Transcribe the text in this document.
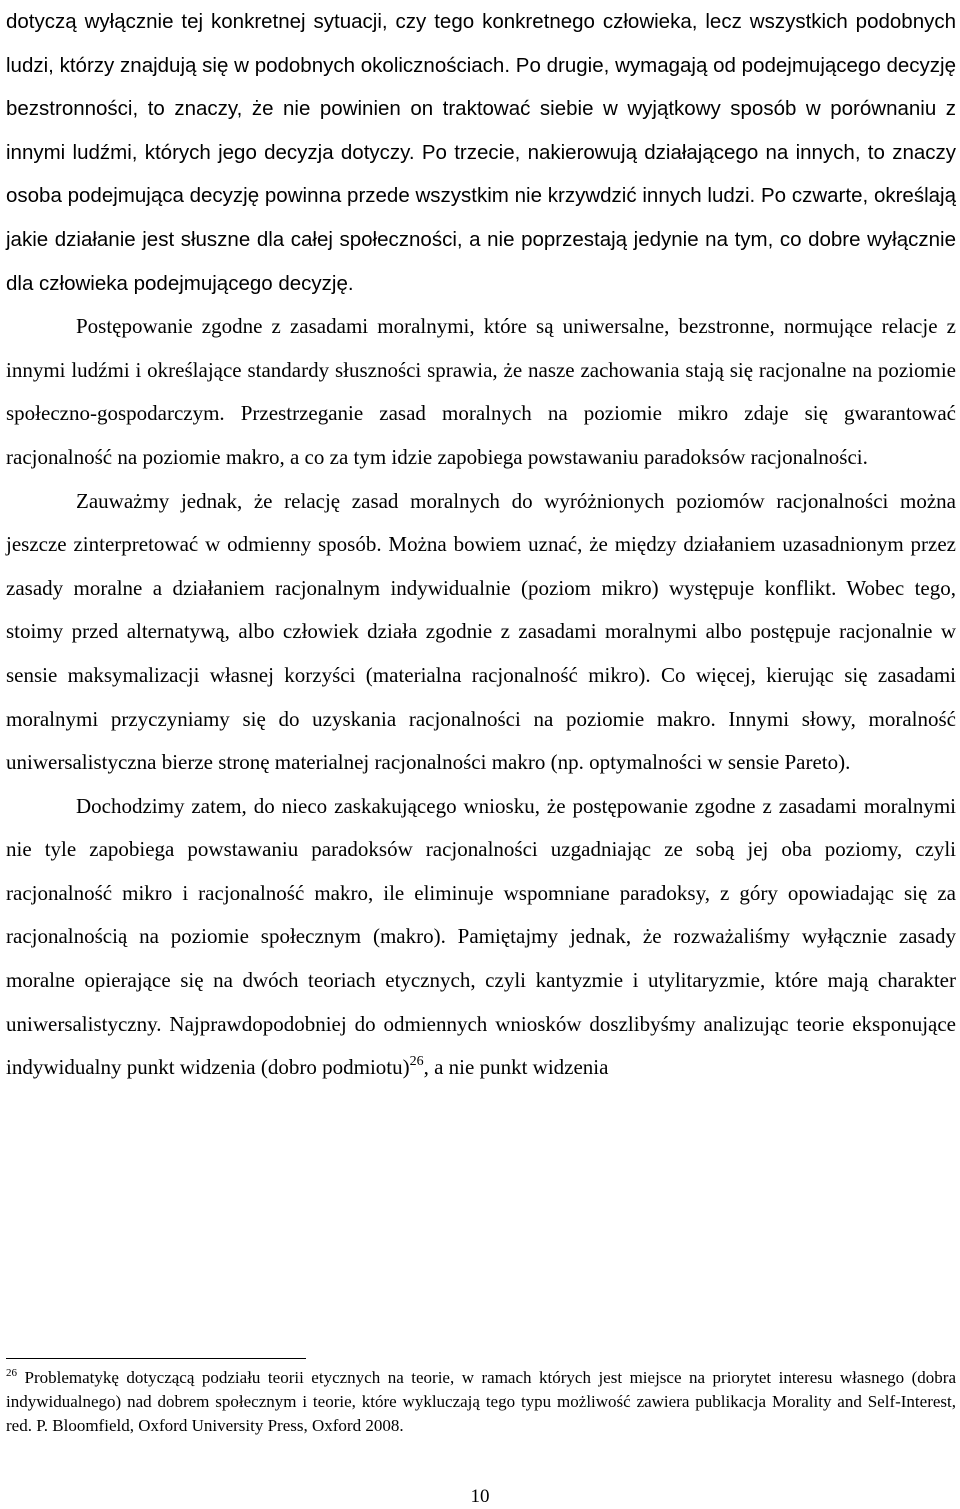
dotyczą wyłącznie tej konkretnej sytuacji, czy tego konkretnego człowieka, lecz wszystkich podobnych ludzi, którzy znajdują się w podobnych okolicznościach. Po drugie, wymagają od podejmującego decyzję bezstronności, to znaczy, że nie powinien on traktować siebie w wyjątkowy sposób w porównaniu z innymi ludźmi, których jego decyzja dotyczy. Po trzecie, nakierowują działającego na innych, to znaczy osoba podejmująca decyzję powinna przede wszystkim nie krzywdzić innych ludzi. Po czwarte, określają jakie działanie jest słuszne dla całej społeczności, a nie poprzestają jedynie na tym, co dobre wyłącznie dla człowieka podejmującego decyzję.

Postępowanie zgodne z zasadami moralnymi, które są uniwersalne, bezstronne, normujące relacje z innymi ludźmi i określające standardy słuszności sprawia, że nasze zachowania stają się racjonalne na poziomie społeczno-gospodarczym. Przestrzeganie zasad moralnych na poziomie mikro zdaje się gwarantować racjonalność na poziomie makro, a co za tym idzie zapobiega powstawaniu paradoksów racjonalności.

Zauważmy jednak, że relację zasad moralnych do wyróżnionych poziomów racjonalności można jeszcze zinterpretować w odmienny sposób. Można bowiem uznać, że między działaniem uzasadnionym przez zasady moralne a działaniem racjonalnym indywidualnie (poziom mikro) występuje konflikt. Wobec tego, stoimy przed alternatywą, albo człowiek działa zgodnie z zasadami moralnymi albo postępuje racjonalnie w sensie maksymalizacji własnej korzyści (materialna racjonalność mikro). Co więcej, kierując się zasadami moralnymi przyczyniamy się do uzyskania racjonalności na poziomie makro. Innymi słowy, moralność uniwersalistyczna bierze stronę materialnej racjonalności makro (np. optymalności w sensie Pareto).

Dochodzimy zatem, do nieco zaskakującego wniosku, że postępowanie zgodne z zasadami moralnymi nie tyle zapobiega powstawaniu paradoksów racjonalności uzgadniając ze sobą jej oba poziomy, czyli racjonalność mikro i racjonalność makro, ile eliminuje wspomniane paradoksy, z góry opowiadając się za racjonalnością na poziomie społecznym (makro). Pamiętajmy jednak, że rozważaliśmy wyłącznie zasady moralne opierające się na dwóch teoriach etycznych, czyli kantyzmie i utylitaryzmie, które mają charakter uniwersalistyczny. Najprawdopodobniej do odmiennych wniosków doszlibyśmy analizując teorie eksponujące indywidualny punkt widzenia (dobro podmiotu)$^{26}$, a nie punkt widzenia

$^{26}$ Problematykę dotyczącą podziału teorii etycznych na teorie, w ramach których jest miejsce na priorytet interesu własnego (dobra indywidualnego) nad dobrem społecznym i teorie, które wykluczają tego typu możliwość zawiera publikacja Morality and Self-Interest, red. P. Bloomfield, Oxford University Press, Oxford 2008.

10
